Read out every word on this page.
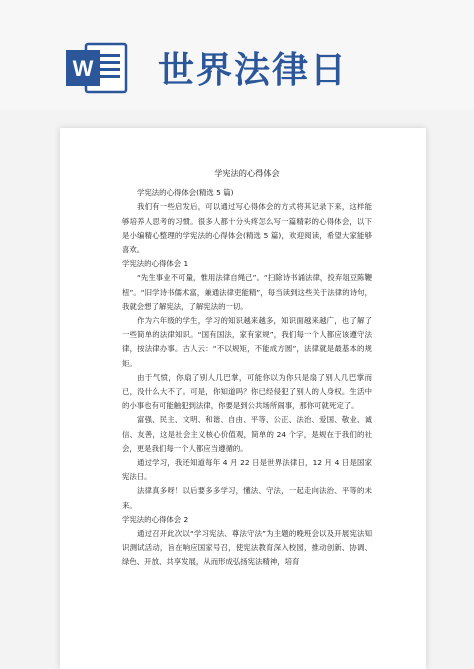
W 世界法律日
学宪法的心得体会

学宪法的心得体会(精选 5 篇)

我们有一些启发后，可以通过写心得体会的方式将其记录下来，这样能够培养人思考的习惯。很多人都十分头疼怎么写一篇精彩的心得体会，以下是小编精心整理的学宪法的心得体会(精选 5 篇)，欢迎阅读，希望大家能够喜欢。

学宪法的心得体会 1

“先生事业不可量，惟用法律自绳己”。“扫除诗书诵法律，投弃俎豆陈鞭杻”。“旧学诗书儒术富，兼通法律吏能精”，每当读到这些关于法律的诗句，我就会想了解宪法，了解宪法的一切。

作为六年级的学生，学习的知识越来越多，知识面越来越广，也了解了一些简单的法律知识。“国有国法，家有家规”，我们每一个人都应该遵守法律，按法律办事。古人云：“不以规矩，不能成方圆”，法律就是最基本的规矩。

由于气愤，你扇了别人几巴掌，可能你以为你只是扇了别人几巴掌而已，没什么大不了。可是，你知道吗？你已经侵犯了别人的人身权。生活中的小事也有可能触犯到法律，你要是到公共场所闹事，那你可就死定了。

富强、民主、文明、和谐、自由、平等、公正、法治、爱国、敬业、诚信、友善，这是社会主义核心价值观，简单的 24 个字，是规在于我们的社会，更是我们每一个人都应当遵循的。

通过学习，我还知道每年 4 月 22 日是世界法律日，12 月 4 日是国家宪法日。

法律真多呀！以后要多多学习，懂法、守法，一起走向法治、平等的未来。

学宪法的心得体会 2

通过召开此次以“学习宪法、尊法守法”为主题的晚班会以及开展宪法知识测试活动，旨在响应国家号召，使宪法教育深入校园，推动创新、协调、绿色、开放、共享发展，从而形成弘扬宪法精神，培育
